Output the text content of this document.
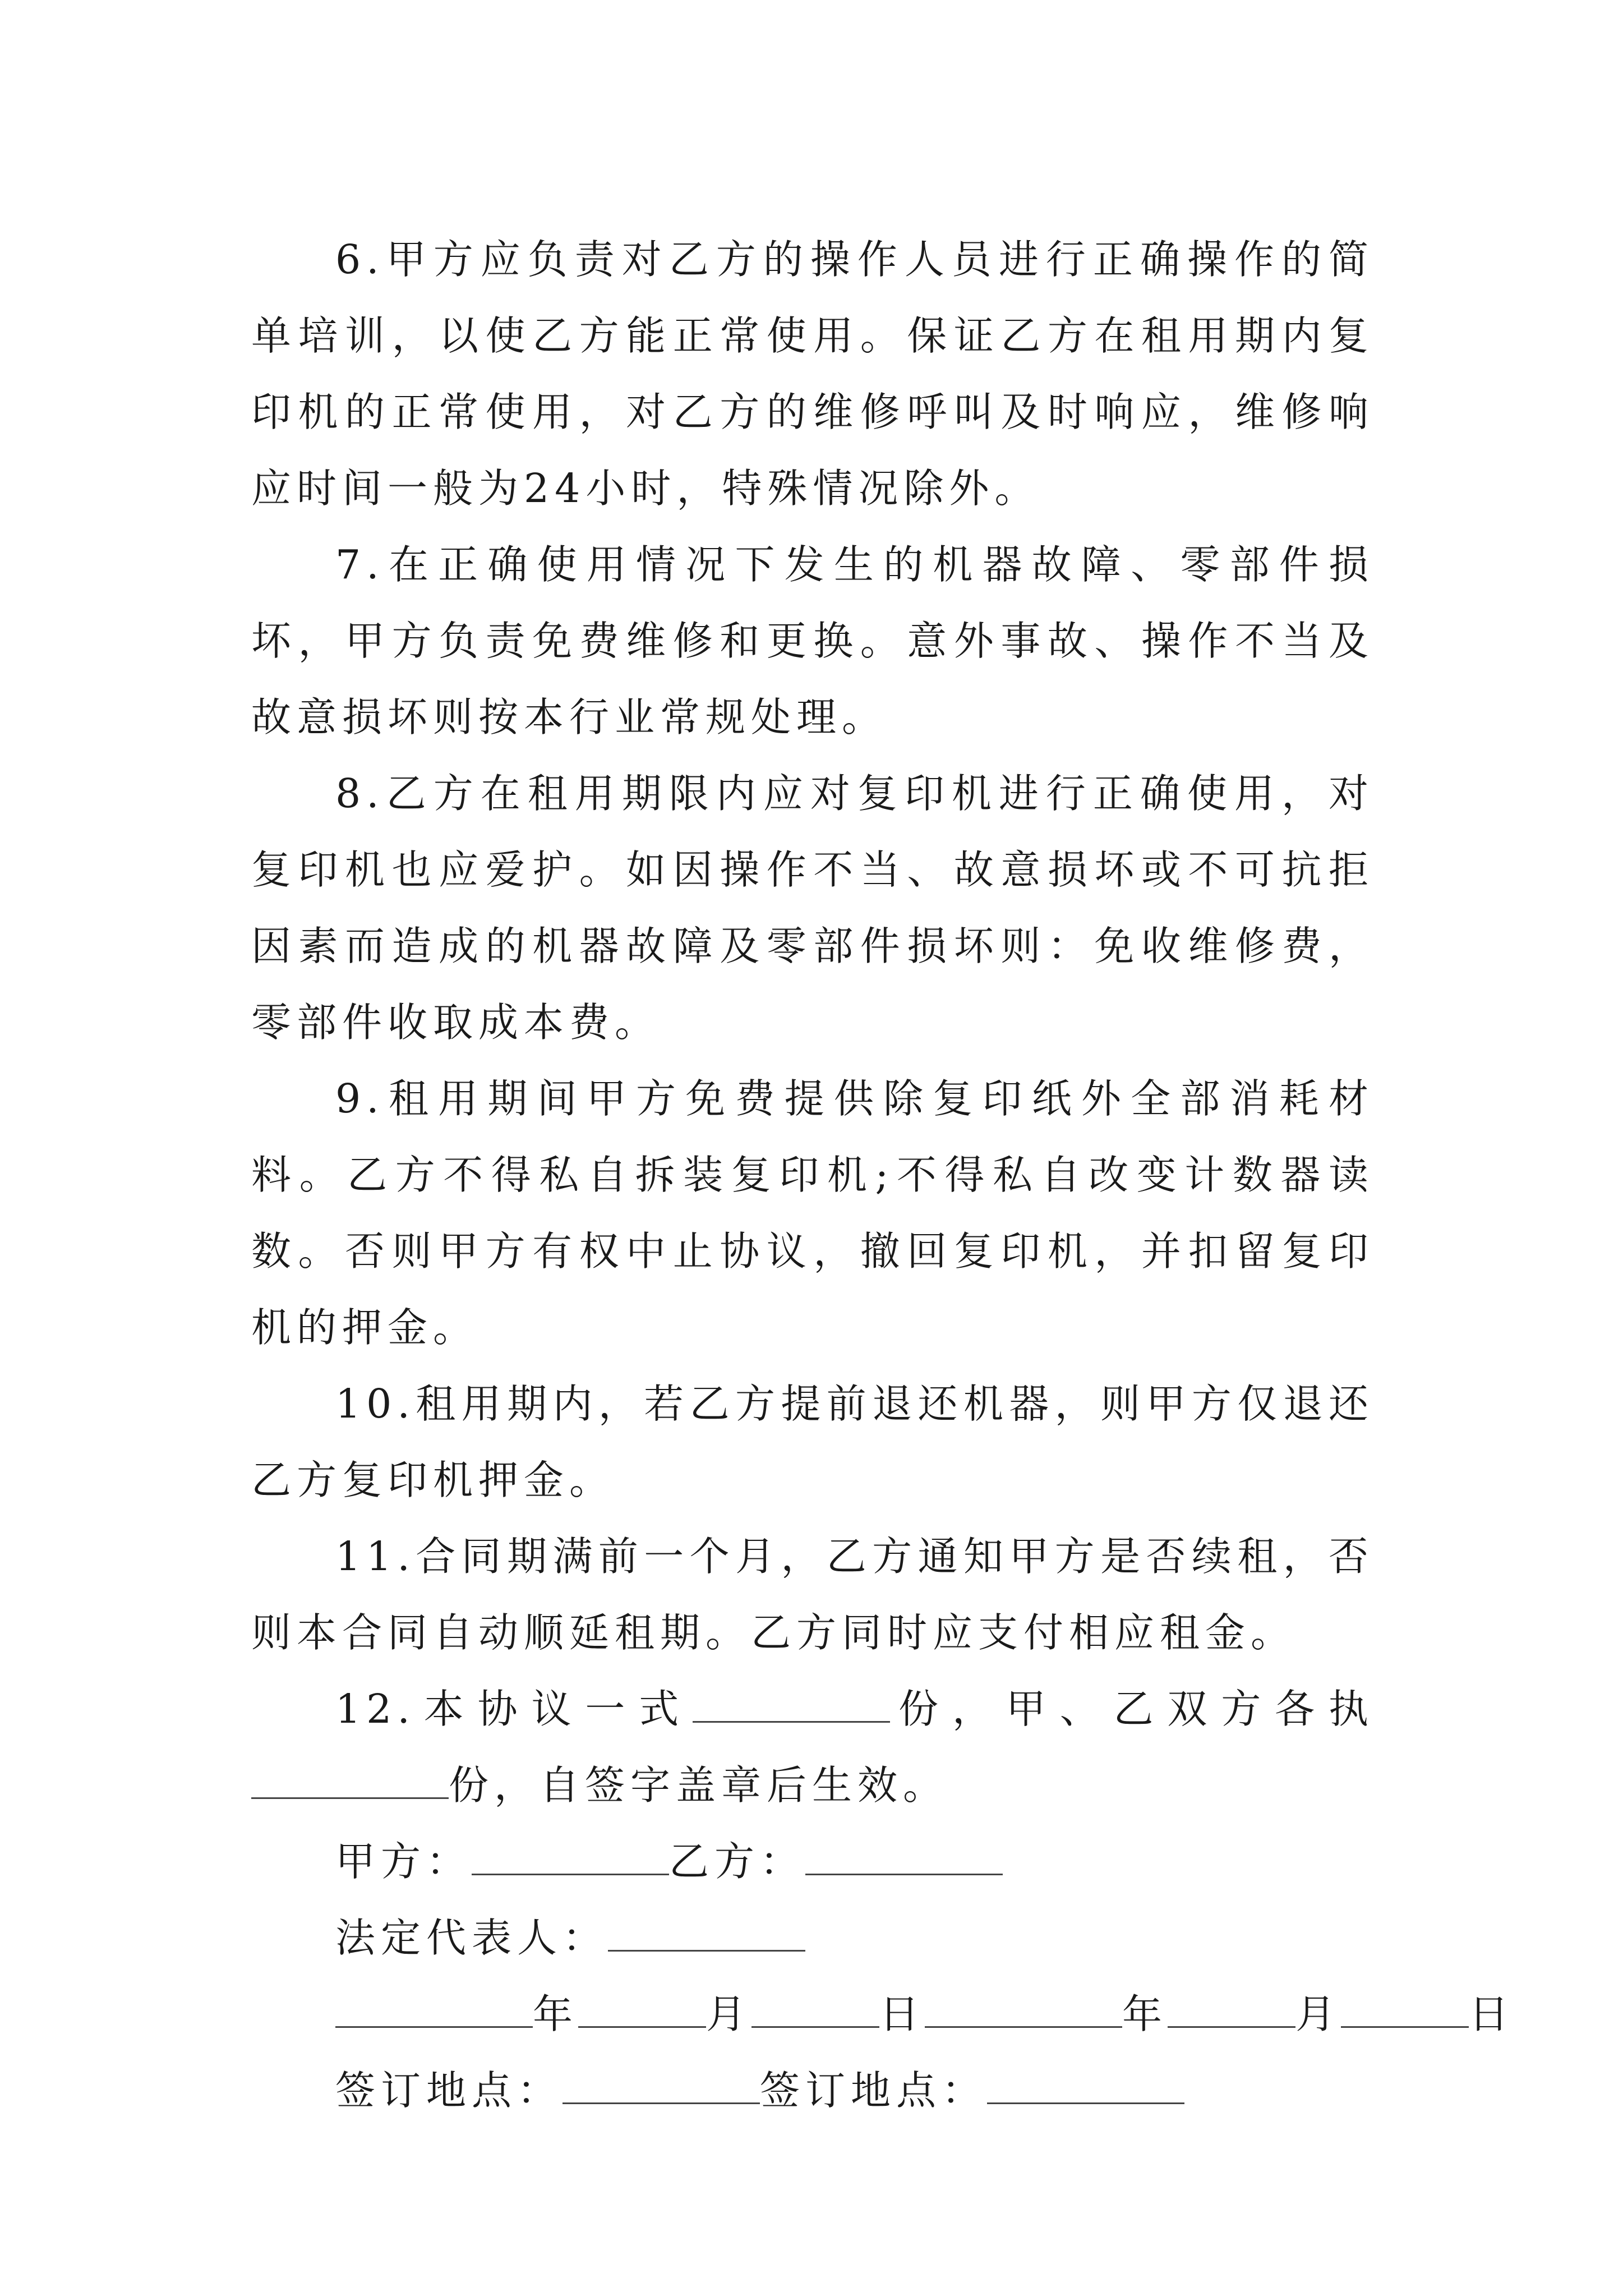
6.甲方应负责对乙方的操作人员进行正确操作的简单培训，以使乙方能正常使用。保证乙方在租用期内复印机的正常使用，对乙方的维修呼叫及时响应，维修响应时间一般为24小时，特殊情况除外。

7.在正确使用情况下发生的机器故障、零部件损坏，甲方负责免费维修和更换。意外事故、操作不当及故意损坏则按本行业常规处理。

8.乙方在租用期限内应对复印机进行正确使用，对复印机也应爱护。如因操作不当、故意损坏或不可抗拒因素而造成的机器故障及零部件损坏则：免收维修费，零部件收取成本费。

9.租用期间甲方免费提供除复印纸外全部消耗材料。乙方不得私自拆装复印机;不得私自改变计数器读数。否则甲方有权中止协议，撤回复印机，并扣留复印机的押金。

10.租用期内，若乙方提前退还机器，则甲方仅退还乙方复印机押金。

11.合同期满前一个月，乙方通知甲方是否续租，否则本合同自动顺延租期。乙方同时应支付相应租金。

12.本协议一式	份，甲、乙双方各执份，自签字盖章后生效。

甲方：	乙方：
法定代表人：
年	月	日	年	月	日
签订地点：	签订地点：
